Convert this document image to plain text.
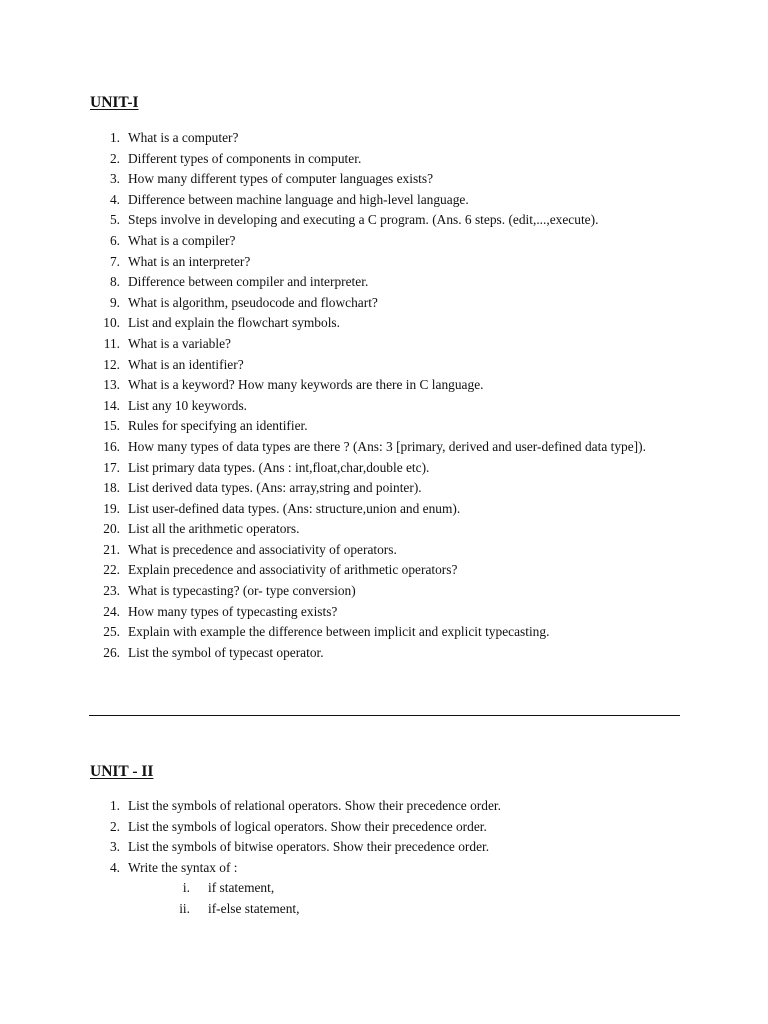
UNIT-I
1. What is a computer?
2. Different types of components in computer.
3. How many different types of computer languages exists?
4. Difference between machine language and high-level language.
5. Steps involve in developing and executing a C program. (Ans. 6 steps. (edit,...,execute).
6. What is a compiler?
7. What is an interpreter?
8. Difference between compiler and interpreter.
9. What is algorithm, pseudocode and flowchart?
10. List and explain the flowchart symbols.
11. What is a variable?
12. What is an identifier?
13. What is a keyword? How many keywords are there in C language.
14. List any 10 keywords.
15. Rules for specifying an identifier.
16. How many types of data types are there ? (Ans: 3 [primary, derived and user-defined data type]).
17. List primary data types. (Ans : int,float,char,double etc).
18. List derived data types. (Ans: array,string and pointer).
19. List user-defined data types. (Ans: structure,union and enum).
20. List all the arithmetic operators.
21. What is precedence and associativity of operators.
22. Explain precedence and associativity of arithmetic operators?
23. What is typecasting? (or- type conversion)
24. How many types of typecasting exists?
25. Explain with example the difference between implicit and explicit typecasting.
26. List the symbol of typecast operator.
UNIT - II
1. List the symbols of relational operators. Show their precedence order.
2. List the symbols of logical operators. Show their precedence order.
3. List the symbols of bitwise operators. Show their precedence order.
4. Write the syntax of :
i.	if statement,
ii.	if-else statement,
